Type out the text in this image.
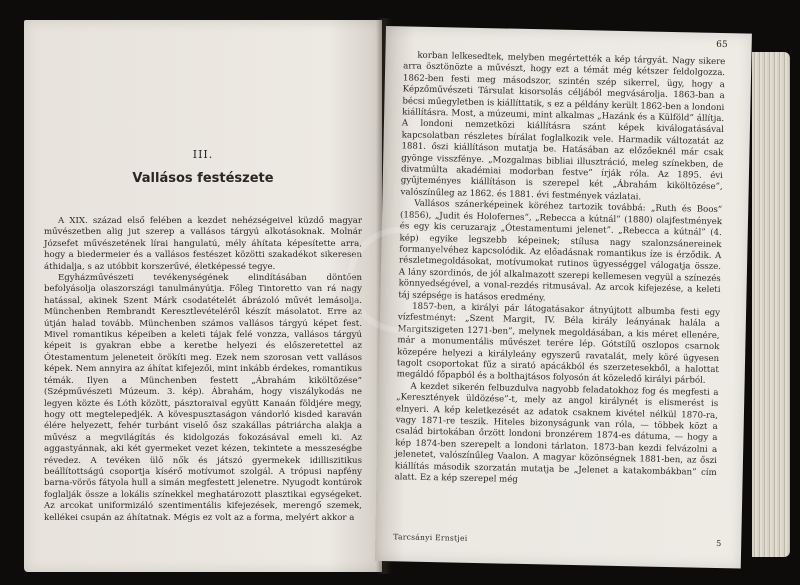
III.
Vallásos festészete

A XIX. század első felében a kezdet nehézségeivel küzdő magyar művészetben alig jut szerep a vallásos tárgyú alkotásoknak. Molnár Józsefet művészetének lírai hangulatú, mély áhítata képesítette arra, hogy a biedermeier és a vallásos festészet közötti szakadékot sikeresen áthidalja, s az utóbbit korszerűvé, életképessé tegye.

Egyházművészeti tevékenységének elindításában döntően befolyásolja olaszországi tanulmányútja. Főleg Tintoretto van rá nagy hatással, akinek Szent Márk csodatételét ábrázoló művét lemásolja. Münchenben Rembrandt Keresztlevételéről készít másolatot. Erre az útján halad tovább. Münchenben számos vallásos tárgyú képet fest. Mivel romantikus képeiben a keleti tájak felé vonzza, vallásos tárgyú képeit is gyakran ebbe a keretbe helyezi és előszeretettel az Ótestamentum jeleneteit örökíti meg. Ezek nem szorosan vett vallásos képek. Nem annyira az áhítat kifejezői, mint inkább érdekes, romantikus témák. Ilyen a Münchenben festett „Ábrahám kiköltözése” (Szépművészeti Múzeum. 3. kép). Ábrahám, hogy viszálykodás ne legyen közte és Lóth között, pásztoraival együtt Kanaán földjére megy, hogy ott megtelepedjék. A kövespusztaságon vándorló kisded karaván élére helyezett, fehér turbánt viselő ősz szakállas pátriárcha alakja a művész a megvilágítás és kidolgozás fokozásával emeli ki. Az aggastyánnak, aki két gyermeket vezet kézen, tekintete a messzeségbe révedez. A tevéken ülő nők és játszó gyermekek idilliszitikus beállítottságú csoportja kísérő motívumot szolgál. A trópusi napfény barna-vörös fátyola hull a simán megfestett jelenetre. Nyugodt kontúrok foglalják össze a lokális színekkel meghatározott plasztikai egységeket. Az arcokat uniformizáló szentimentális kifejezések, merengő szemek, kellékei csupán az áhítatnak. Mégis ez volt az a forma, melyért akkor a

65

korban lelkesedtek, melyben megértették a kép tárgyát. Nagy sikere arra ösztönözte a művészt, hogy ezt a témát még kétszer feldolgozza. 1862-ben festi meg másodszor, szintén szép sikerrel, ügy, hogy a Képzőművészeti Társulat kisorsolás céljából megvásárolja. 1863-ban a bécsi műegyletben is kiállíttatik, s ez a példány került 1862-ben a londoni kiállításra. Most, a múzeumi, mint alkalmas „Hazánk és a Külföld” állítja. A londoni nemzetközi kiállításra szánt képek kiválogatásával kapcsolatban részletes bírálat foglalkozik vele. Harmadik változatát az 1881. őszi kiállításon mutatja be. Hatásában az előzőeknél már csak gyönge visszfénye. „Mozgalmas bibliai illusztráció, meleg színekben, de divatmúlta akadémiai modorban festve” írják róla. Az 1895. évi gyűjteményes kiállításon is szerepel két „Ábrahám kiköltözése”, valószínűleg az 1862. és 1881. évi festmények vázlatai.

Vallásos szánerképeinek köréhez tartozik továbbá: „Ruth és Boos” (1856), „Judit és Holofernes”, „Rebecca a kútnál” (1880) olajfestmények és egy kis ceruzarajz „Ótestamentumi jelenet”. „Rebecca a kútnál” (4. kép) egyike legszebb képeinek; stílusa nagy szalonzsánereinek formanyelvéhez kapcsolódik. Az előadásnak romantikus íze is érződik. A részletmegoldásokat, motívumokat rutinos ügyességgel válogatja össze. A lány szordinós, de jól alkalmazott szerepi kellemesen vegyül a színezés könnyedségével, a vonal-rezdés ritmusával. Az arcok kifejezése, a keleti táj szépsége is hatásos eredmény.

1857-ben, a királyi pár látogatásakor átnyújtott albumba festi egy vízfestményt: „Szent Margit, IV. Béla király leányának halála a Margitszigeten 1271-ben”, melynek megoldásában, a kis méret ellenére, már a monumentális művészet terére lép. Gótstílű oszlopos csarnok közepére helyezi a királyleány egyszerű ravatalát, mely köré ügyesen tagolt csoportokat fűz a sirató apácákból és szerzetesekből, a halottat megáldó főpapból és a bolthajtásos folyosón át közeledő királyi párból.

A kezdet sikerén felbuzdulva nagyobb feladatokhoz fog és megfesti a „Keresztények üldözése”-t, mely az angol királynét is elismerést is elnyeri. A kép keletkezését az adatok csaknem kivétel nélkül 1870-ra, vagy 1871-re teszik. Hiteles bizonyságunk van róla, — többek közt a család birtokában őrzött londoni bronzérem 1874-es dátuma, — hogy a kép 1874-ben szerepelt a londoni tárlaton. 1873-ban kezdi felvázolni a jelenetet, valószínűleg Vaalon. A magyar közönségnek 1881-ben, az őszi kiállítás második szorzatán mutatja be „Jelenet a katakombákban” cím alatt. Ez a kép szerepel még

Tarcsányi Ernstjei
5
